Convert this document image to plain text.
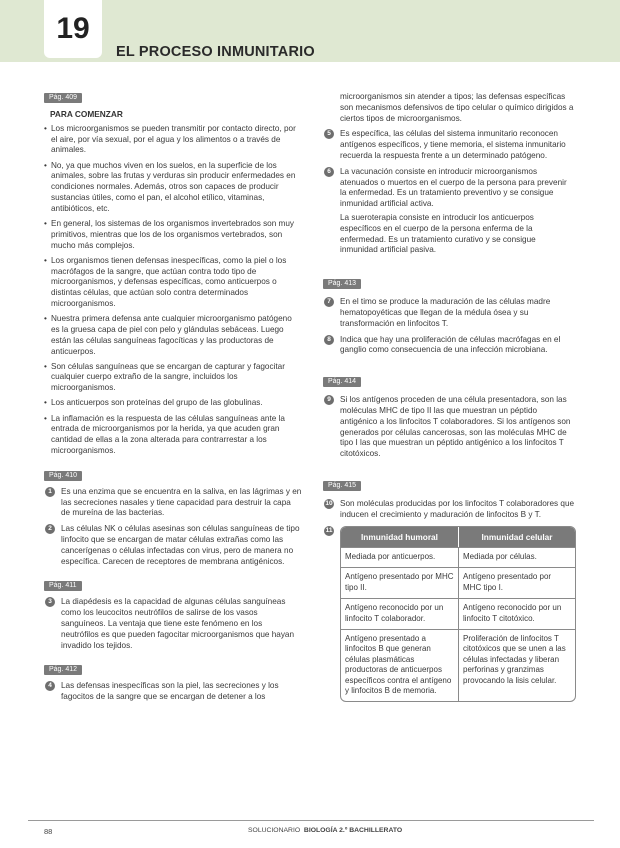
19
EL PROCESO INMUNITARIO
Pág. 409
PARA COMENZAR
• Los microorganismos se pueden transmitir por contacto directo, por el aire, por vía sexual, por el agua y los alimentos o a través de animales.
• No, ya que muchos viven en los suelos, en la superficie de los animales, sobre las frutas y verduras sin producir enfermedades en condiciones normales. Además, otros son capaces de producir sustancias útiles, como el pan, el alcohol etílico, vitaminas, antibióticos, etc.
• En general, los sistemas de los organismos invertebrados son muy primitivos, mientras que los de los organismos vertebrados, son mucho más complejos.
• Los organismos tienen defensas inespecíficas, como la piel o los macrófagos de la sangre, que actúan contra todo tipo de microorganismos, y defensas específicas, como anticuerpos o distintas células, que actúan solo contra determinados microorganismos.
• Nuestra primera defensa ante cualquier microorganismo patógeno es la gruesa capa de piel con pelo y glándulas sebáceas. Luego están las células sanguíneas fagocíticas y las productoras de anticuerpos.
• Son células sanguíneas que se encargan de capturar y fagocitar cualquier cuerpo extraño de la sangre, incluidos los microorganismos.
• Los anticuerpos son proteínas del grupo de las globulinas.
• La inflamación es la respuesta de las células sanguíneas ante la entrada de microorganismos por la herida, ya que acuden gran cantidad de ellas a la zona alterada para contrarrestar a los microorganismos.
Pág. 410
1	Es una enzima que se encuentra en la saliva, en las lágrimas y en las secreciones nasales y tiene capacidad para destruir la capa de mureína de las bacterias.

2	Las células NK o células asesinas son células sanguíneas de tipo linfocito que se encargan de matar células extrañas como las cancerígenas o células infectadas con virus, pero de manera no específica. Carecen de receptores de membrana antigénicos.

Pág. 411
3	La diapédesis es la capacidad de algunas células sanguíneas como los leucocitos neutrófilos de salirse de los vasos sanguíneos. La ventaja que tiene este fenómeno en los neutrófilos es que pueden fagocitar microorganismos que hayan invadido los tejidos.

Pág. 412
4	Las defensas inespecíficas son la piel, las secreciones y los fagocitos de la sangre que se encargan de detener a los

microorganismos sin atender a tipos; las defensas específicas son mecanismos defensivos de tipo celular o químico dirigidos a ciertos tipos de microorganismos.

5	Es específica, las células del sistema inmunitario reconocen antígenos específicos, y tiene memoria, el sistema inmunitario recuerda la respuesta frente a un determinado patógeno.

6	La vacunación consiste en introducir microorganismos atenuados o muertos en el cuerpo de la persona para prevenir la enfermedad. Es un tratamiento preventivo y se consigue inmunidad artificial activa.

La sueroterapia consiste en introducir los anticuerpos específicos en el cuerpo de la persona enferma de la enfermedad. Es un tratamiento curativo y se consigue inmunidad artificial pasiva.

Pág. 413
7	En el timo se produce la maduración de las células madre hematopoyéticas que llegan de la médula ósea y su transformación en linfocitos T.

8	Indica que hay una proliferación de células macrófagas en el ganglio como consecuencia de una infección microbiana.

Pág. 414
9	Si los antígenos proceden de una célula presentadora, son las moléculas MHC de tipo II las que muestran un péptido antigénico a los linfocitos T colaboradores. Si los antígenos son generados por células cancerosas, son las moléculas MHC de tipo I las que muestran un péptido antigénico a los linfocitos T citotóxicos.

Pág. 415
10 Son moléculas producidas por los linfocitos T colaboradores que inducen el crecimiento y maduración de linfocitos B y T.

11
Inmunidad humoral	Inmunidad celular
Mediada por anticuerpos.	Mediada por células.
Antígeno presentado por MHC tipo II.	Antígeno presentado por MHC tipo I.
Antígeno reconocido por un linfocito T colaborador.	Antígeno reconocido por un linfocito T citotóxico.
Antígeno presentado a linfocitos B que generan células plasmáticas productoras de anticuerpos específicos contra el antígeno y linfocitos B de memoria.	Proliferación de linfocitos T citotóxicos que se unen a las células infectadas y liberan perforinas y granzimas provocando la lisis celular.
88	SOLUCIONARIO BIOLOGÍA 2.º BACHILLERATO
